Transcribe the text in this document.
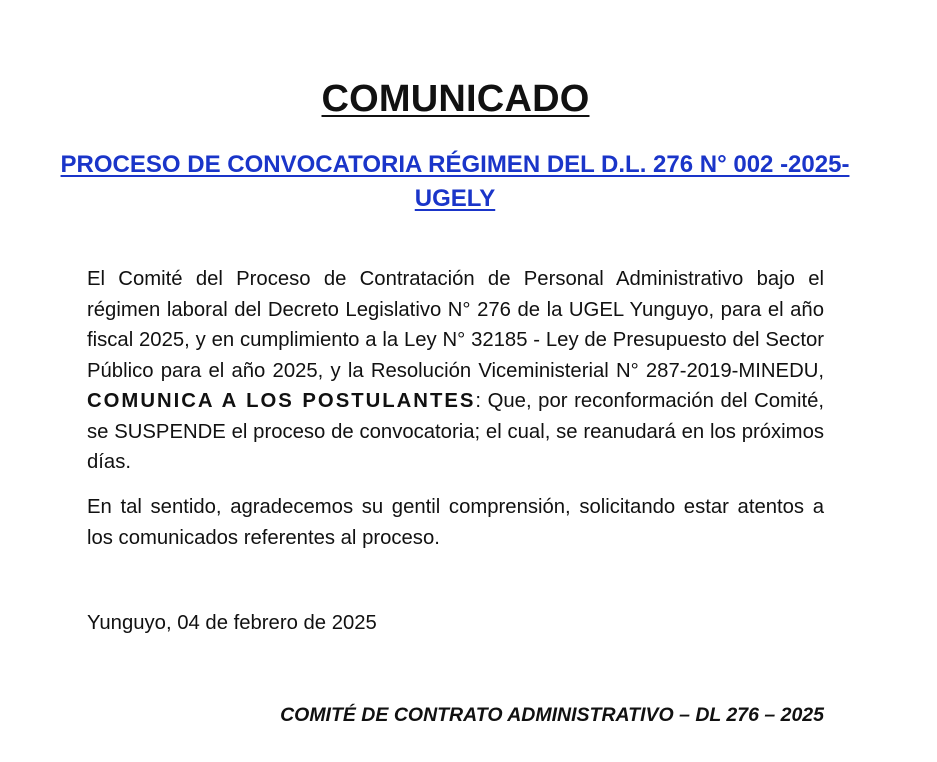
COMUNICADO
PROCESO DE CONVOCATORIA RÉGIMEN DEL D.L. 276 N° 002 -2025-UGELY
El Comité del Proceso de Contratación de Personal Administrativo bajo el régimen laboral del Decreto Legislativo N° 276 de la UGEL Yunguyo, para el año fiscal 2025, y en cumplimiento a la Ley N° 32185 - Ley de Presupuesto del Sector Público para el año 2025, y la Resolución Viceministerial N° 287-2019-MINEDU, COMUNICA A LOS POSTULANTES: Que, por reconformación del Comité, se SUSPENDE el proceso de convocatoria; el cual, se reanudará en los próximos días.
En tal sentido, agradecemos su gentil comprensión, solicitando estar atentos a los comunicados referentes al proceso.
Yunguyo, 04 de febrero de 2025
COMITÉ DE CONTRATO ADMINISTRATIVO – DL 276 – 2025
